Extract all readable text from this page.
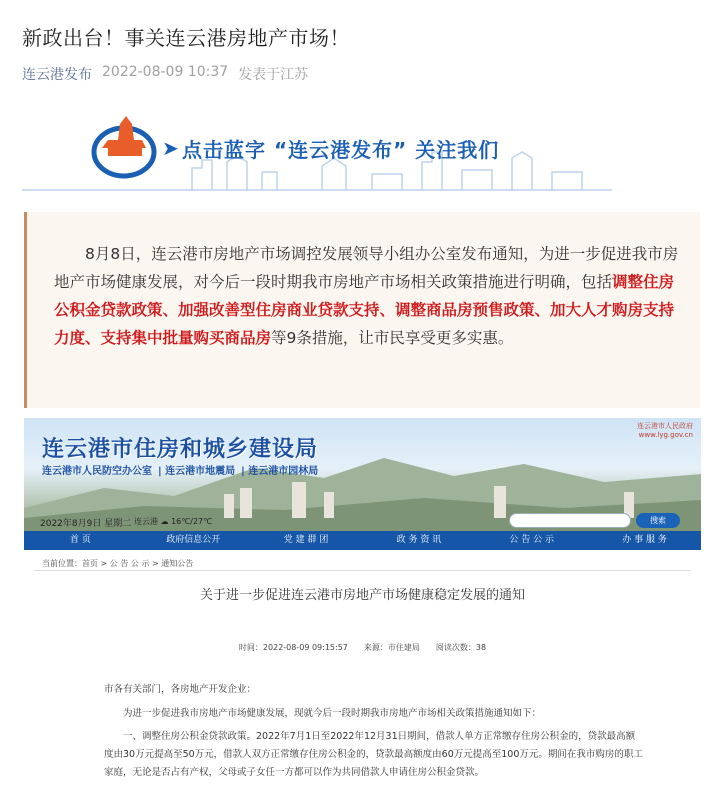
新政出台！事关连云港房地产市场！
连云港发布 2022-08-09 10:37 发表于江苏
➤ 点击蓝字 “连云港发布” 关注我们

8月8日，连云港市房地产市场调控发展领导小组办公室发布通知，为进一步促进我市房地产市场健康发展，对今后一段时期我市房地产市场相关政策措施进行明确，包括调整住房公积金贷款政策、加强改善型住房商业贷款支持、调整商品房预售政策、加大人才购房支持力度、支持集中批量购买商品房等9条措施，让市民享受更多实惠。

连云港市住房和城乡建设局
连云港市人民防空办公室 | 连云港市地震局 | 连云港市园林局
连云港市人民政府
www.lyg.gov.cn
2022年8月9日 星期二 连云港 ☁ 16℃/27℃	搜索
首 页	政府信息公开	党 建 群 团	政 务 资 讯	公 告 公 示	办 事 服 务
当前位置：首页 > 公 告 公 示 > 通知公告
关于进一步促进连云港市房地产市场健康稳定发展的通知
时间：2022-08-09 09:15:57 来源：市住建局 阅读次数：38

市各有关部门，各房地产开发企业：

为进一步促进我市房地产市场健康发展，现就今后一段时期我市房地产市场相关政策措施通知如下：

一、调整住房公积金贷款政策。2022年7月1日至2022年12月31日期间，借款人单方正常缴存住房公积金的，贷款最高额度由30万元提高至50万元，借款人双方正常缴存住房公积金的，贷款最高额度由60万元提高至100万元。期间在我市购房的职工家庭，无论是否占有产权，父母或子女任一方都可以作为共同借款人申请住房公积金贷款。
